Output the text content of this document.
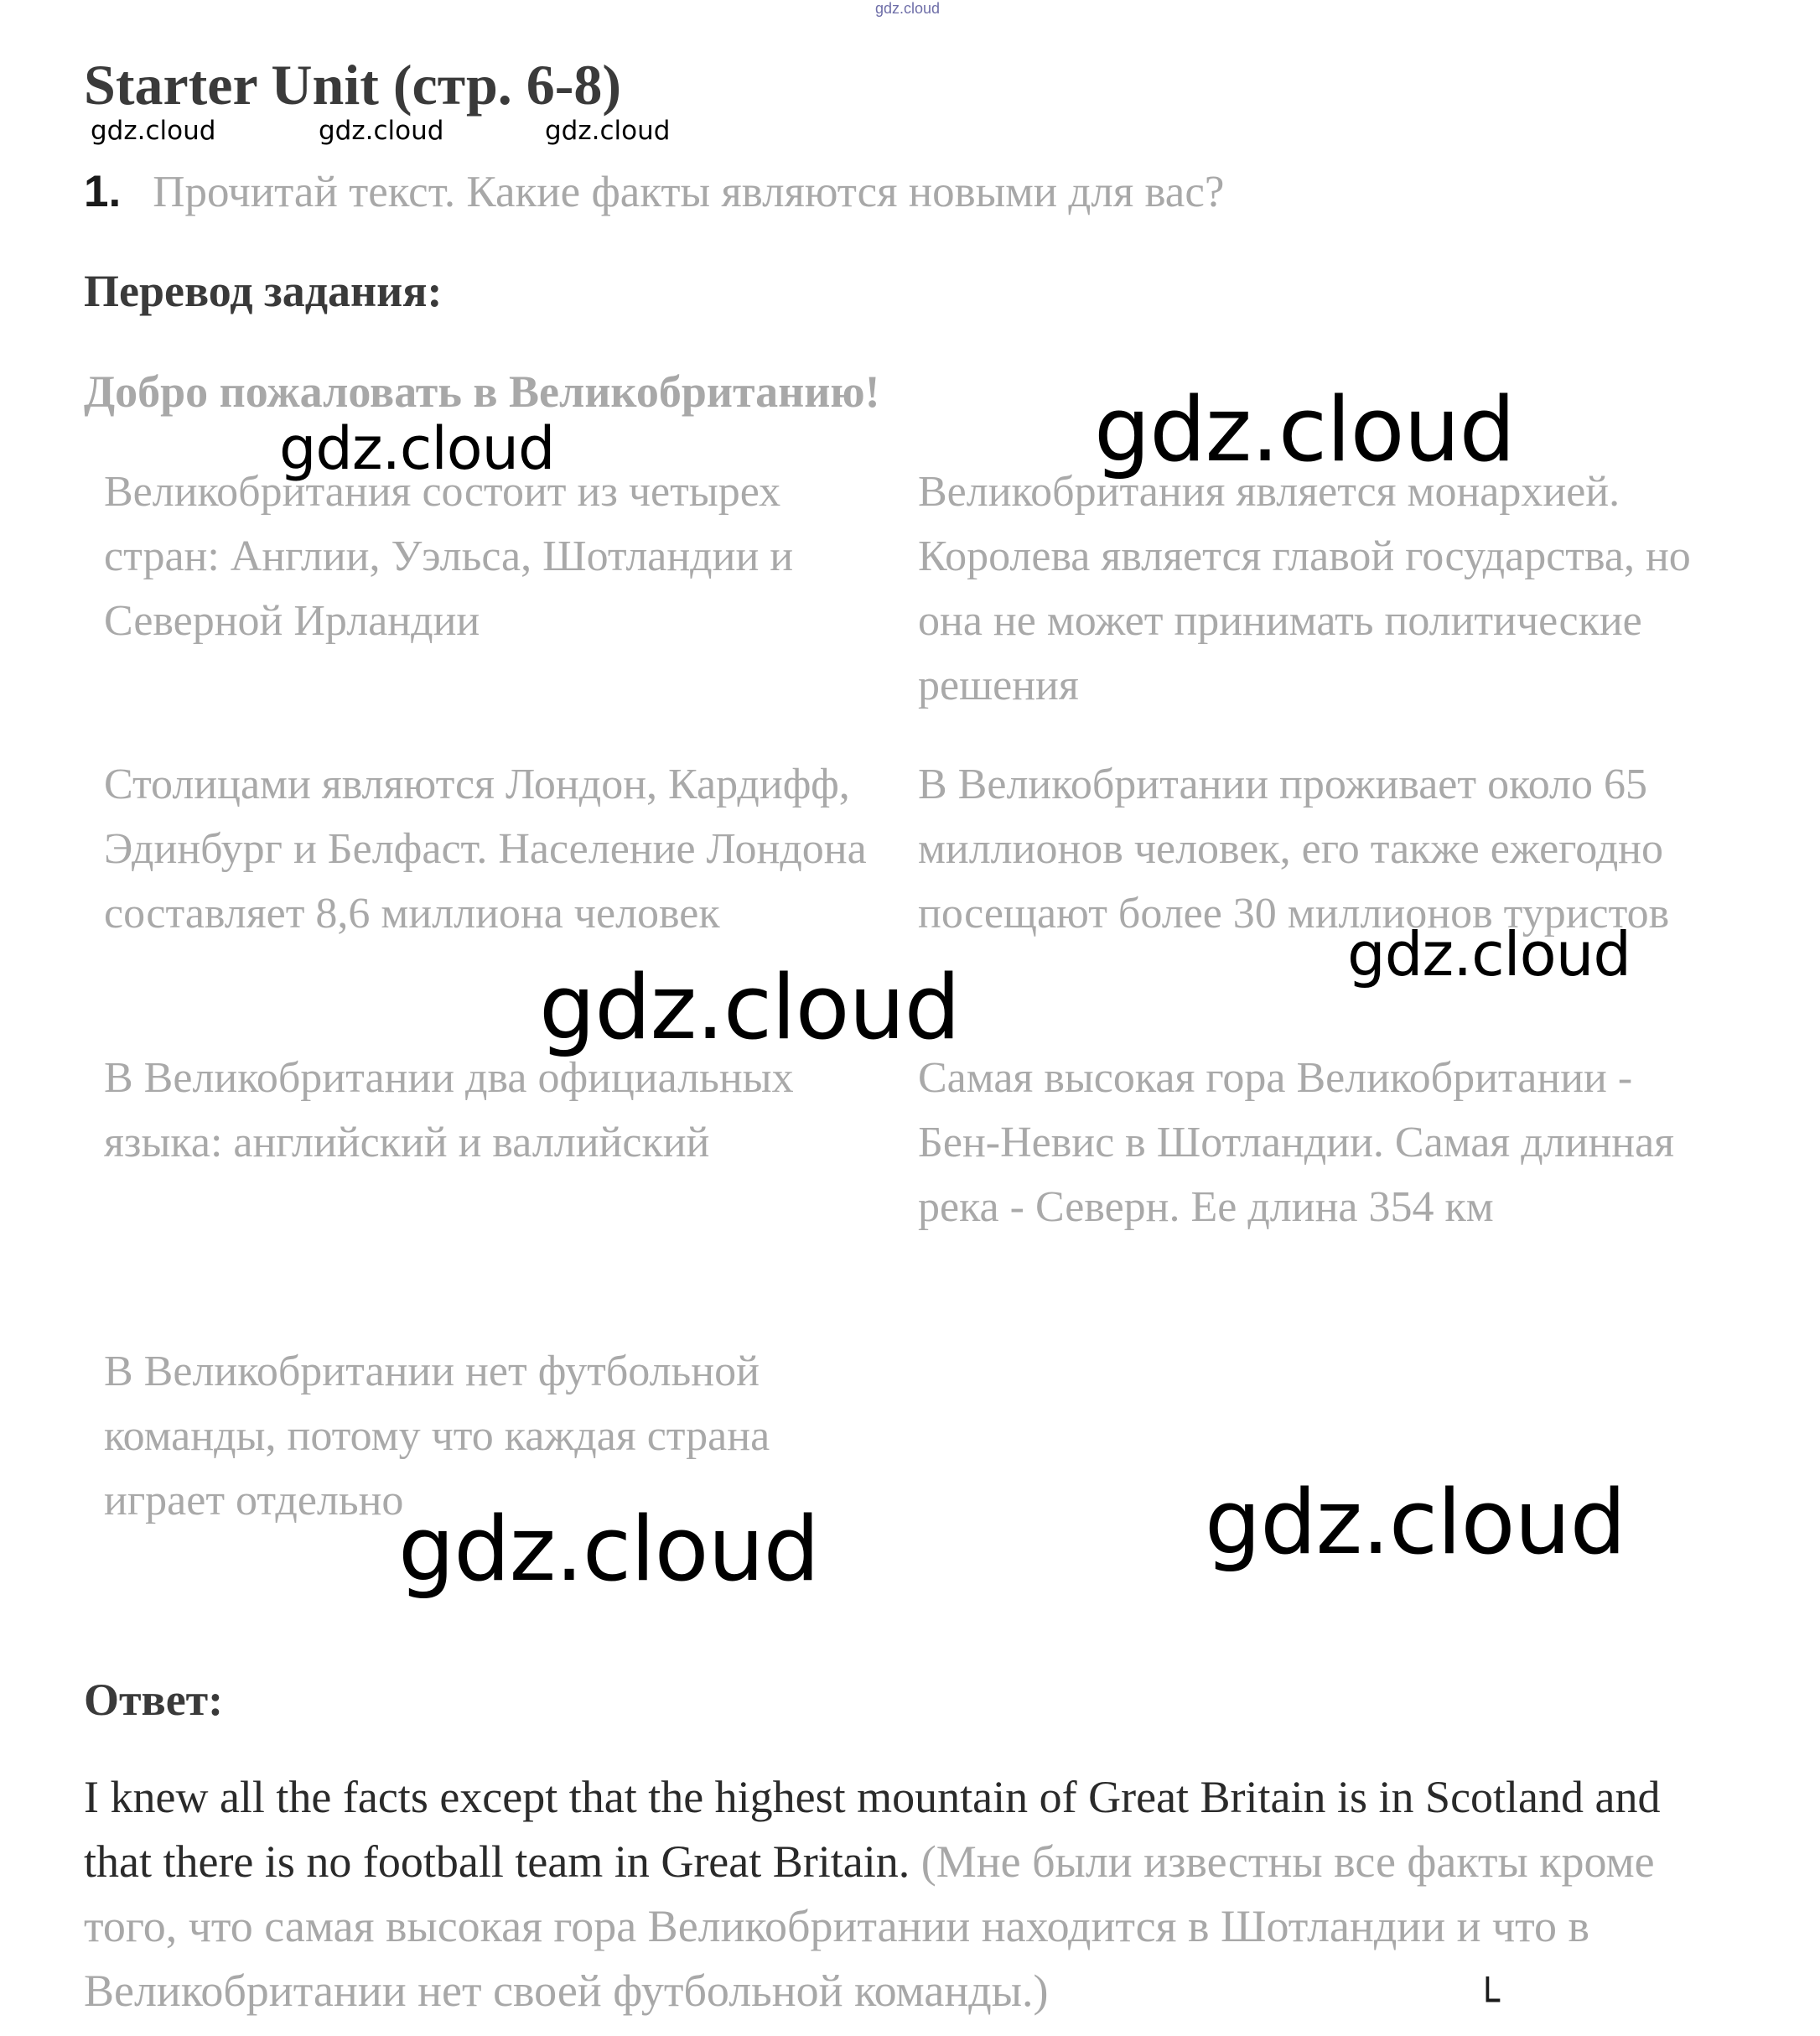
gdz.cloud
Starter Unit (стр. 6-8)
gdz.cloud	gdz.cloud	gdz.cloud
1. Прочитай текст. Какие факты являются новыми для вас?
Перевод задания:
Добро пожаловать в Великобританию!
Великобритания состоит из четырех стран: Англии, Уэльса, Шотландии и Северной Ирландии
Великобритания является монархией. Королева является главой государства, но она не может принимать политические решения
Столицами являются Лондон, Кардифф, Эдинбург и Белфаст. Население Лондона составляет 8,6 миллиона человек
В Великобритании проживает около 65 миллионов человек, его также ежегодно посещают более 30 миллионов туристов
В Великобритании два официальных языка: английский и валлийский
Самая высокая гора Великобритании - Бен-Невис в Шотландии. Самая длинная река - Северн. Ее длина 354 км
В Великобритании нет футбольной команды, потому что каждая страна играет отдельно
gdz.cloud	gdz.cloud
gdz.cloud
gdz.cloud
gdz.cloud
gdz.cloud
Ответ:
I knew all the facts except that the highest mountain of Great Britain is in Scotland and that there is no football team in Great Britain. (Мне были известны все факты кроме того, что самая высокая гора Великобритании находится в Шотландии и что в Великобритании нет своей футбольной команды.)	└
